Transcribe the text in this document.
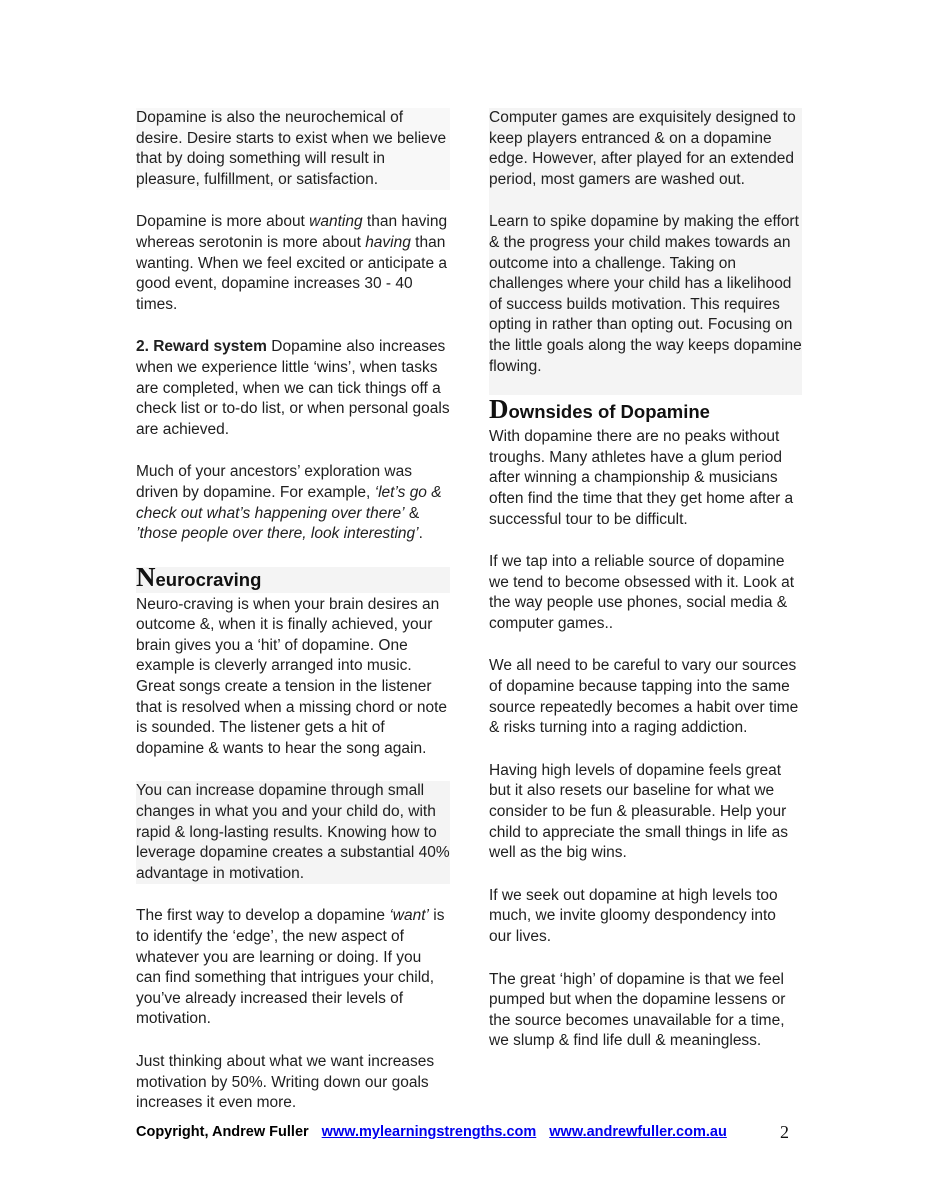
Dopamine is also the neurochemical of desire. Desire starts to exist when we believe that by doing something will result in pleasure, fulfillment, or satisfaction.

Dopamine is more about wanting than having whereas serotonin is more about having than wanting. When we feel excited or anticipate a good event, dopamine increases 30 - 40 times.

2. Reward system Dopamine also increases when we experience little ‘wins’, when tasks are completed, when we can tick things off a check list or to-do list, or when personal goals are achieved.

Much of your ancestors’ exploration was driven by dopamine. For example, ‘let’s go & check out what’s happening over there’ & ’those people over there, look interesting’.

Neurocraving

Neuro-craving is when your brain desires an outcome &, when it is finally achieved, your brain gives you a ‘hit’ of dopamine. One example is cleverly arranged into music. Great songs create a tension in the listener that is resolved when a missing chord or note is sounded. The listener gets a hit of dopamine & wants to hear the song again.

You can increase dopamine through small changes in what you and your child do, with rapid & long-lasting results. Knowing how to leverage dopamine creates a substantial 40% advantage in motivation.

The first way to develop a dopamine ‘want’ is to identify the ‘edge’, the new aspect of whatever you are learning or doing. If you can find something that intrigues your child, you’ve already increased their levels of motivation.

Just thinking about what we want increases motivation by 50%. Writing down our goals increases it even more.

Computer games are exquisitely designed to keep players entranced & on a dopamine edge. However, after played for an extended period, most gamers are washed out.

Learn to spike dopamine by making the effort & the progress your child makes towards an outcome into a challenge. Taking on challenges where your child has a likelihood of success builds motivation. This requires opting in rather than opting out. Focusing on the little goals along the way keeps dopamine flowing.

Downsides of Dopamine

With dopamine there are no peaks without troughs. Many athletes have a glum period after winning a championship & musicians often find the time that they get home after a successful tour to be difficult.

If we tap into a reliable source of dopamine we tend to become obsessed with it. Look at the way people use phones, social media & computer games..

We all need to be careful to vary our sources of dopamine because tapping into the same source repeatedly becomes a habit over time & risks turning into a raging addiction.

Having high levels of dopamine feels great but it also resets our baseline for what we consider to be fun & pleasurable. Help your child to appreciate the small things in life as well as the big wins.

If we seek out dopamine at high levels too much, we invite gloomy despondency into our lives.

The great ‘high’ of dopamine is that we feel pumped but when the dopamine lessens or the source becomes unavailable for a time, we slump & find life dull & meaningless.

Copyright, Andrew Fuller www.mylearningstrengths.com www.andrewfuller.com.au	2
